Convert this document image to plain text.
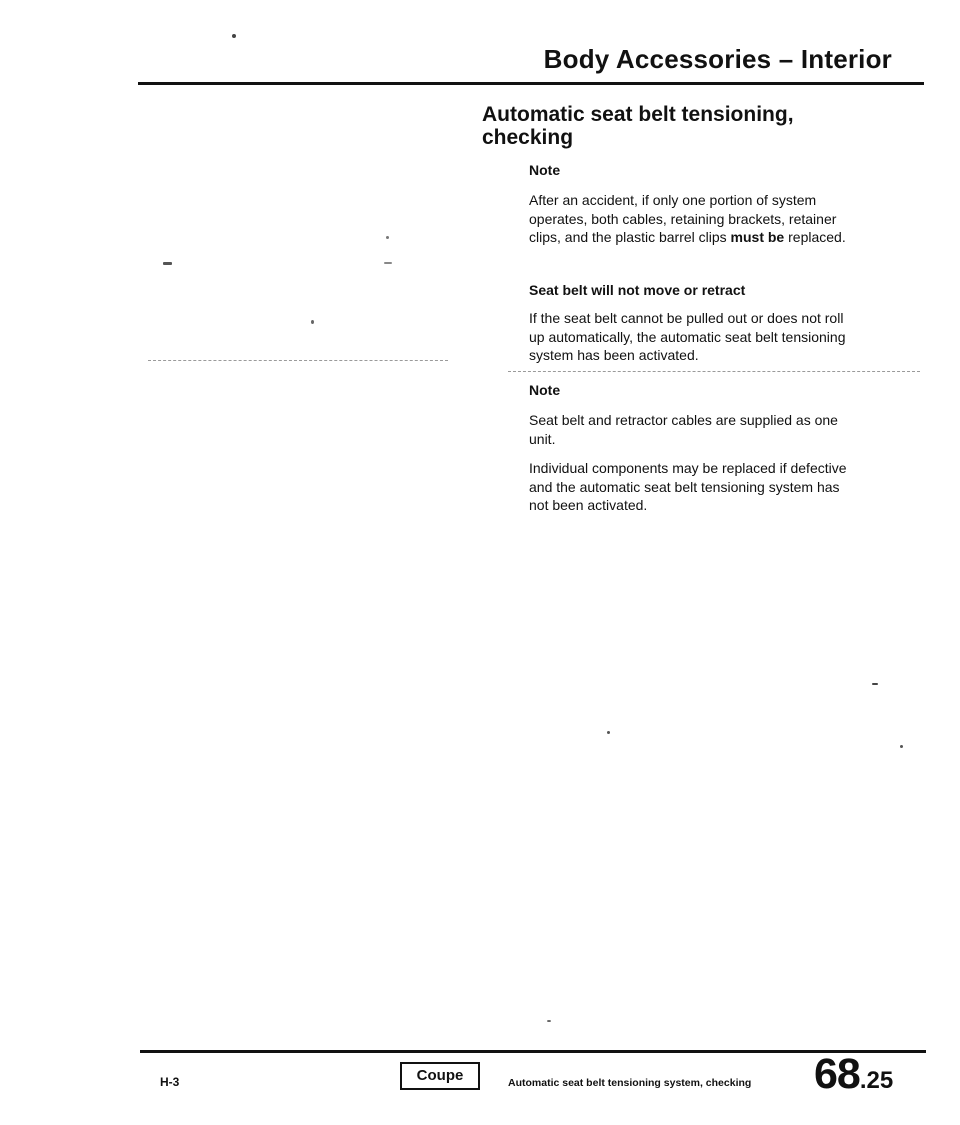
Body Accessories – Interior
Automatic seat belt tensioning, checking
Note
After an accident, if only one portion of system operates, both cables, retaining brackets, retainer clips, and the plastic barrel clips must be replaced.
Seat belt will not move or retract
If the seat belt cannot be pulled out or does not roll up automatically, the automatic seat belt tensioning system has been activated.
Note
Seat belt and retractor cables are supplied as one unit.
Individual components may be replaced if defective and the automatic seat belt tensioning system has not been activated.
H-3	Coupe	Automatic seat belt tensioning system, checking 68.25
